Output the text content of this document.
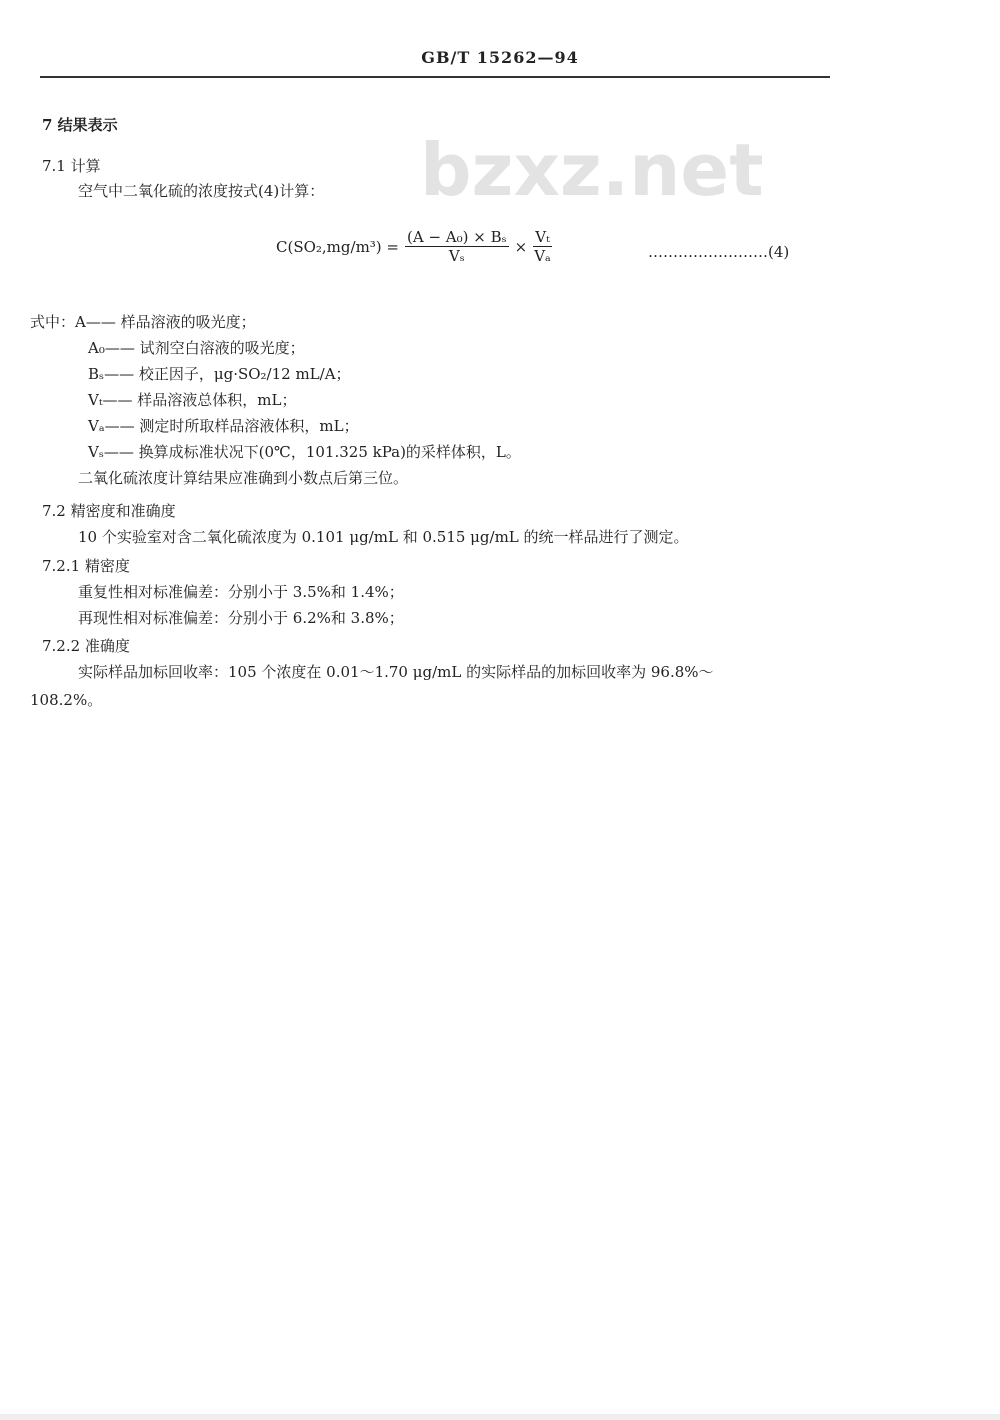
GB/T 15262—94
bzxz.net
7 结果表示
7.1 计算
空气中二氧化硫的浓度按式(4)计算：
$C(SO_2,mg/m^3) = \frac{\text{(A − A₀) × Bₛ}}{\text{Vₛ}} \times \frac{\text{Vₜ}}{\text{Vₐ}}$	……………………(4)
式中：A—— 样品溶液的吸光度；
A₀—— 试剂空白溶液的吸光度；
Bₛ—— 校正因子，μg·SO₂/12 mL/A；
Vₜ—— 样品溶液总体积，mL；
Vₐ—— 测定时所取样品溶液体积，mL；
Vₛ—— 换算成标准状况下(0℃，101.325 kPa)的采样体积，L。
二氧化硫浓度计算结果应准确到小数点后第三位。
7.2 精密度和准确度
10 个实验室对含二氧化硫浓度为 0.101 μg/mL 和 0.515 μg/mL 的统一样品进行了测定。
7.2.1 精密度
重复性相对标准偏差：分别小于 3.5%和 1.4%；
再现性相对标准偏差：分别小于 6.2%和 3.8%；
7.2.2 准确度
实际样品加标回收率：105 个浓度在 0.01～1.70 μg/mL 的实际样品的加标回收率为 96.8%～
108.2%。
